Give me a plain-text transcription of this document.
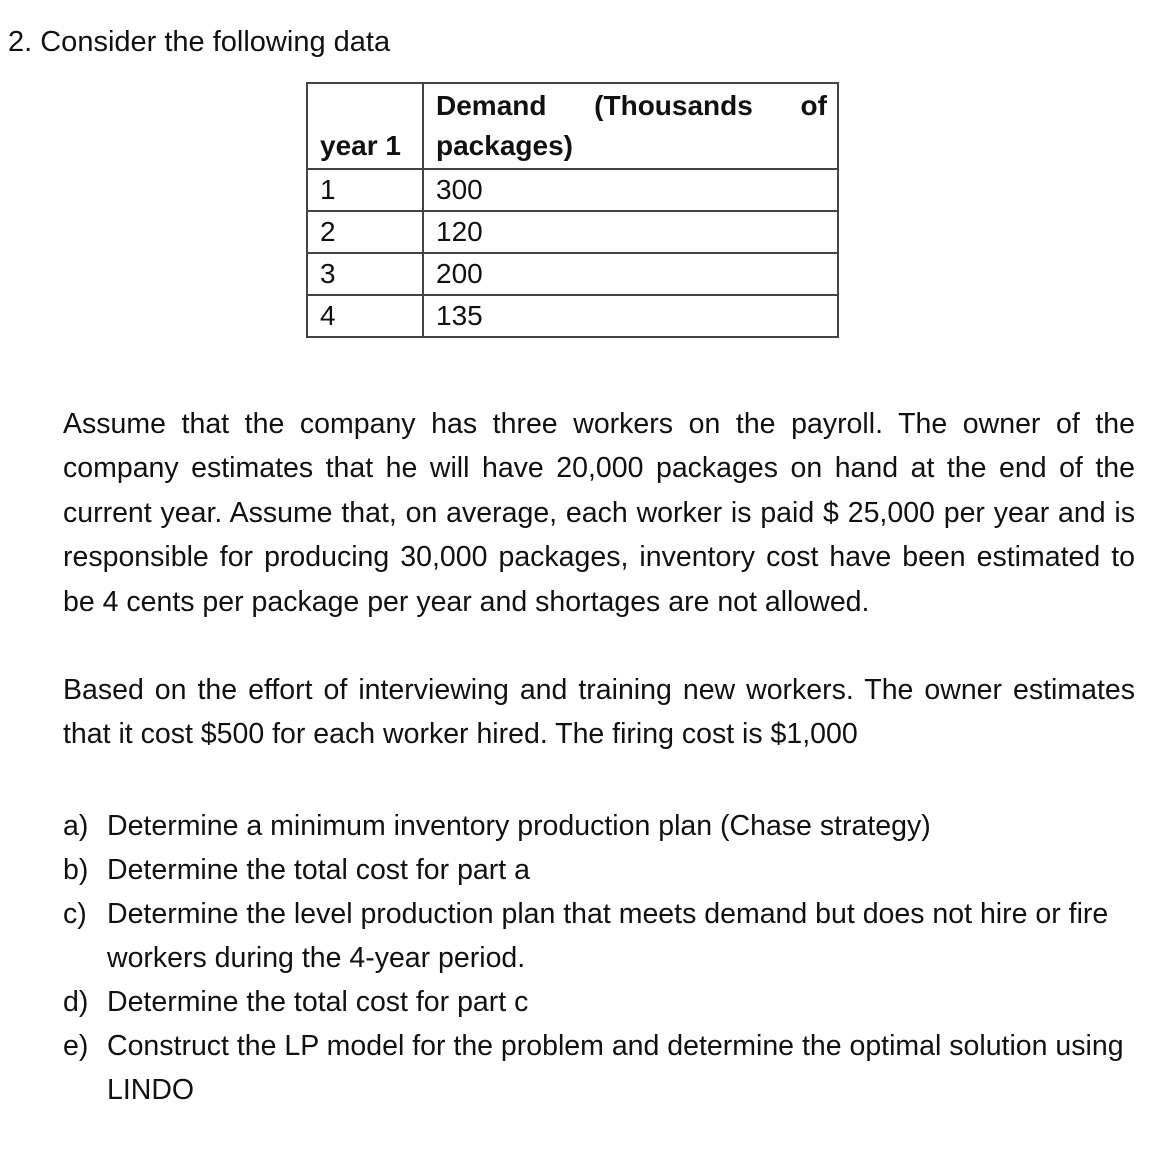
2. Consider the following data
year 1	Demand (Thousands of
packages)

1	300
2	120
3	200
4	135

Assume that the company has three workers on the payroll. The owner of the company estimates that he will have 20,000 packages on hand at the end of the current year. Assume that, on average, each worker is paid $ 25,000 per year and is responsible for producing 30,000 packages, inventory cost have been estimated to be 4 cents per package per year and shortages are not allowed.

Based on the effort of interviewing and training new workers. The owner estimates that it cost $500 for each worker hired. The firing cost is $1,000

a) Determine a minimum inventory production plan (Chase strategy)
b) Determine the total cost for part a
c) Determine the level production plan that meets demand but does not hire or fire workers during the 4-year period.
d) Determine the total cost for part c
e) Construct the LP model for the problem and determine the optimal solution using LINDO
